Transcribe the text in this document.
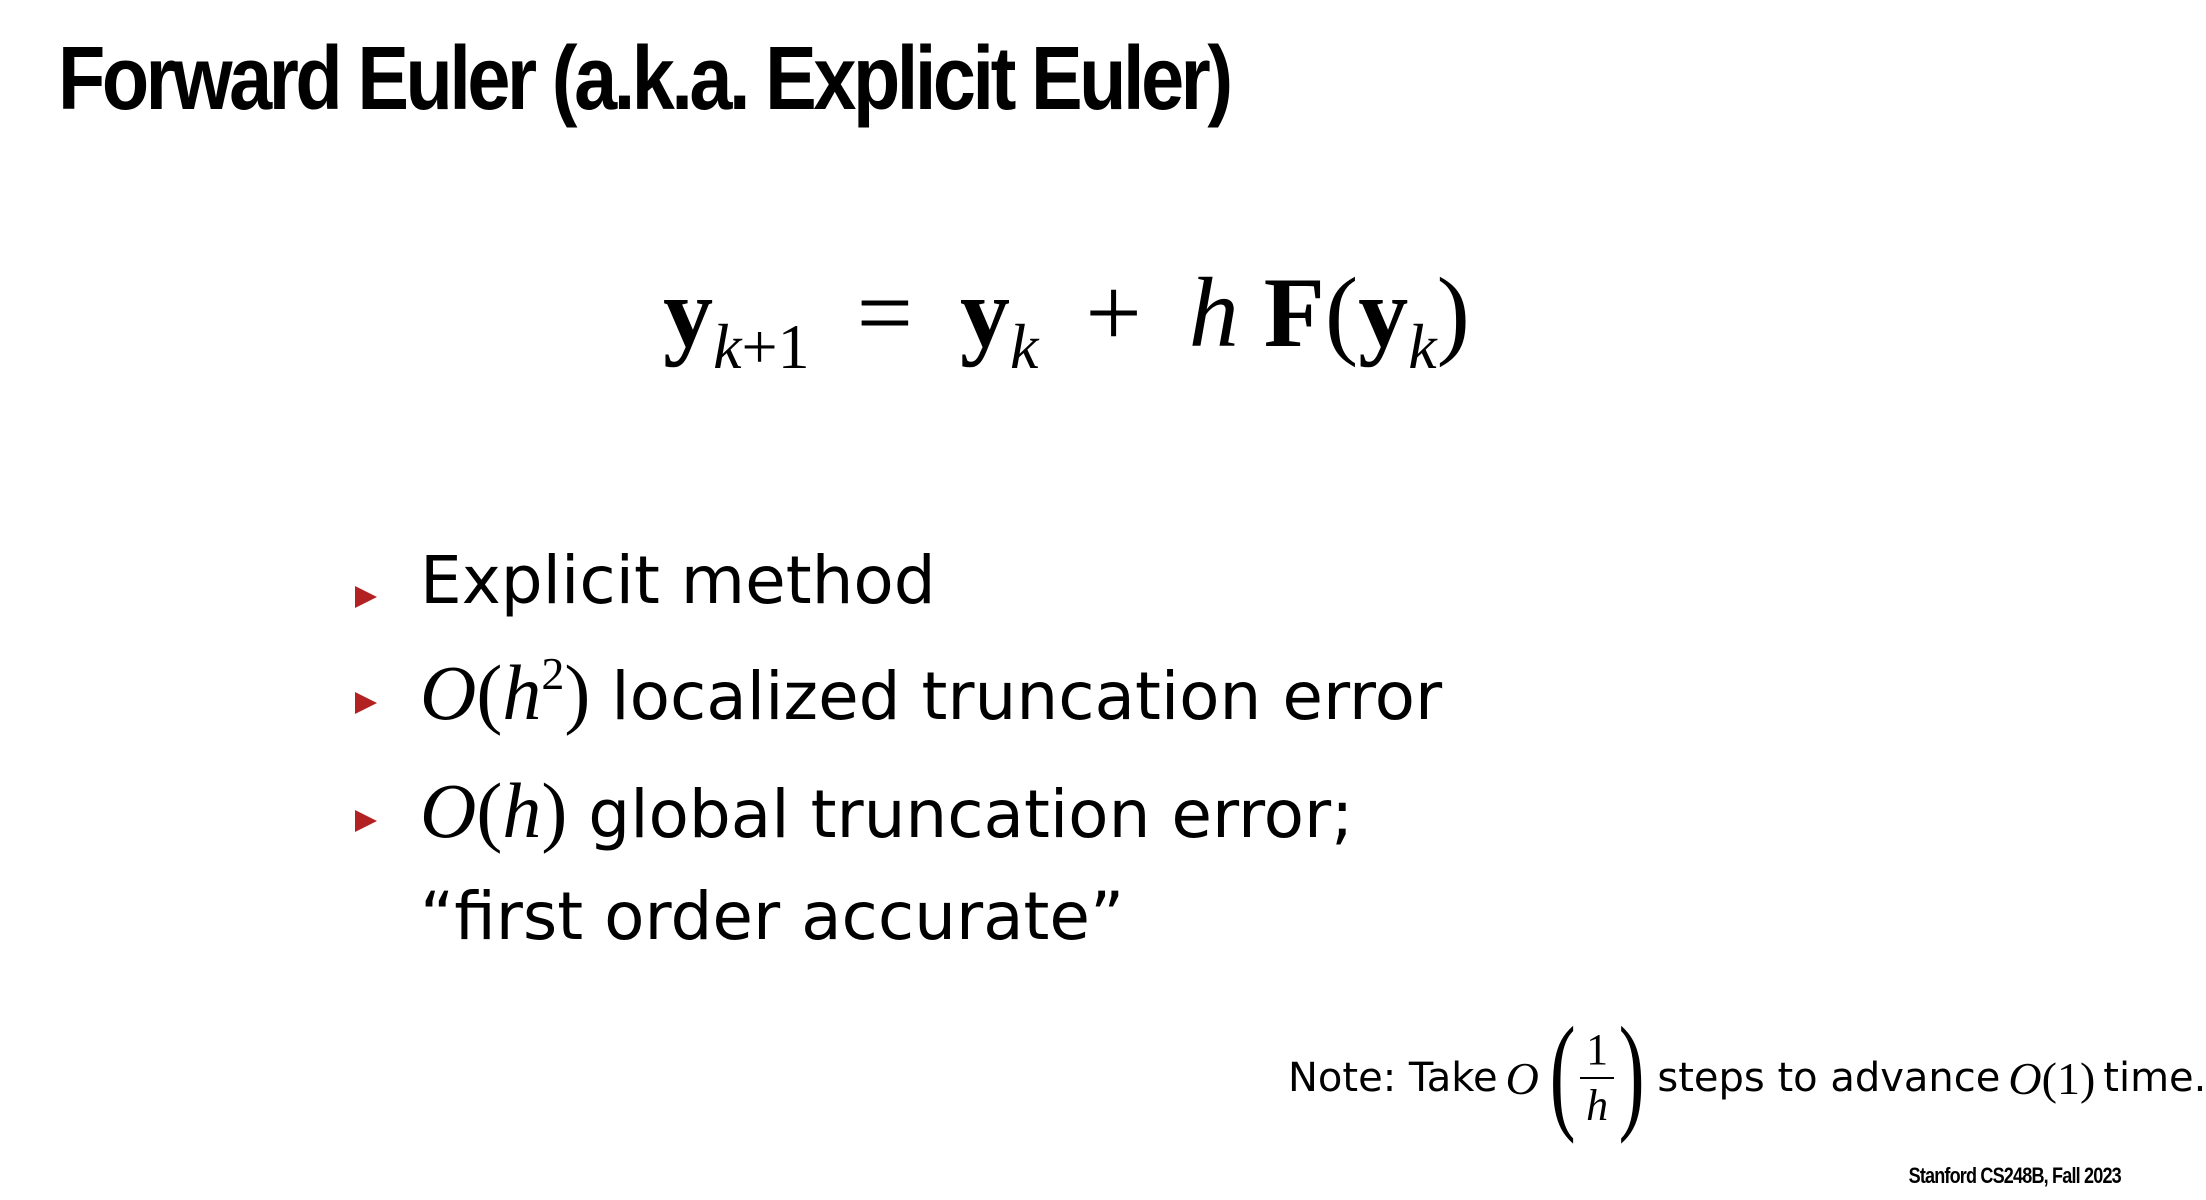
Forward Euler (a.k.a. Explicit Euler)
$y_{k+1} = y_k + h$ $F(y_k)$
Explicit method
$O(h^2)$ localized truncation error
O(h) global truncation error;
“first order accurate”
Note: Take O ( $\frac{1}{h}$ ) steps to advance O(1) time.
Stanford CS248B, Fall 2023
